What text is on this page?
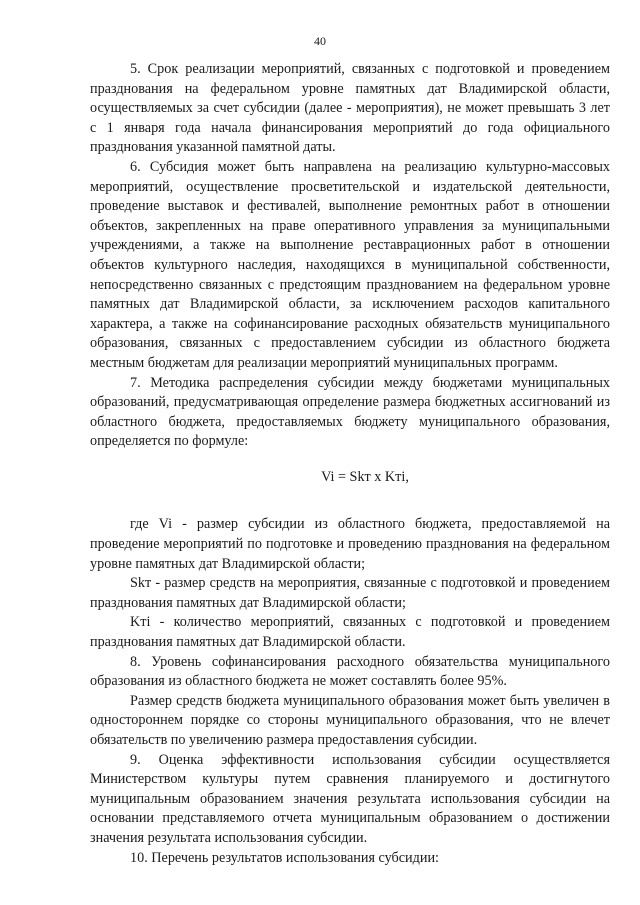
40

5. Срок реализации мероприятий, связанных с подготовкой и проведением празднования на федеральном уровне памятных дат Владимирской области, осуществляемых за счет субсидии (далее - мероприятия), не может превышать 3 лет с 1 января года начала финансирования мероприятий до года официального празднования указанной памятной даты.

6. Субсидия может быть направлена на реализацию культурно-массовых мероприятий, осуществление просветительской и издательской деятельности, проведение выставок и фестивалей, выполнение ремонтных работ в отношении объектов, закрепленных на праве оперативного управления за муниципальными учреждениями, а также на выполнение реставрационных работ в отношении объектов культурного наследия, находящихся в муниципальной собственности, непосредственно связанных с предстоящим празднованием на федеральном уровне памятных дат Владимирской области, за исключением расходов капитального характера, а также на софинансирование расходных обязательств муниципального образования, связанных с предоставлением субсидии из областного бюджета местным бюджетам для реализации мероприятий муниципальных программ.

7. Методика распределения субсидии между бюджетами муниципальных образований, предусматривающая определение размера бюджетных ассигнований из областного бюджета, предоставляемых бюджету муниципального образования, определяется по формуле:

Vi = Skт x Kтi,

где Vi - размер субсидии из областного бюджета, предоставляемой на проведение мероприятий по подготовке и проведению празднования на федеральном уровне памятных дат Владимирской области;

Skт - размер средств на мероприятия, связанные с подготовкой и проведением празднования памятных дат Владимирской области;

Kтi - количество мероприятий, связанных с подготовкой и проведением празднования памятных дат Владимирской области.

8. Уровень софинансирования расходного обязательства муниципального образования из областного бюджета не может составлять более 95%.

Размер средств бюджета муниципального образования может быть увеличен в одностороннем порядке со стороны муниципального образования, что не влечет обязательств по увеличению размера предоставления субсидии.

9. Оценка эффективности использования субсидии осуществляется Министерством культуры путем сравнения планируемого и достигнутого муниципальным образованием значения результата использования субсидии на основании представляемого отчета муниципальным образованием о достижении значения результата использования субсидии.

10. Перечень результатов использования субсидии:
